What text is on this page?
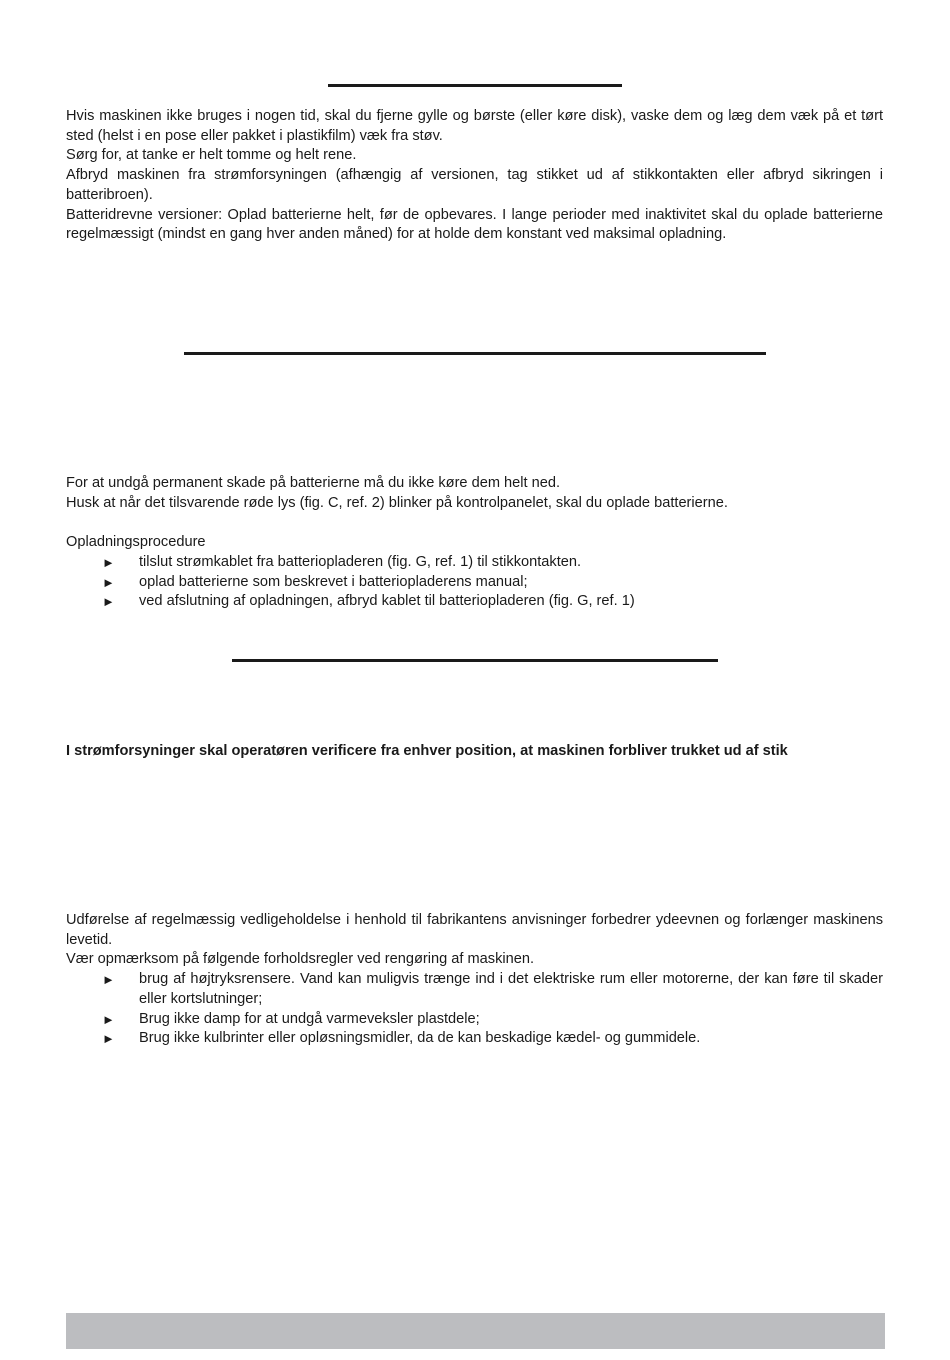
Hvis maskinen ikke bruges i nogen tid, skal du fjerne gylle og børste (eller køre disk), vaske dem og læg dem væk på et tørt sted (helst i en pose eller pakket i plastikfilm) væk fra støv.

Sørg for, at tanke er helt tomme og helt rene.

Afbryd maskinen fra strømforsyningen (afhængig af versionen, tag stikket ud af stikkontakten eller afbryd sikringen i batteribroen).

Batteridrevne versioner: Oplad batterierne helt, før de opbevares. I lange perioder med inaktivitet skal du oplade batterierne regelmæssigt (mindst en gang hver anden måned) for at holde dem konstant ved maksimal opladning.

For at undgå permanent skade på batterierne må du ikke køre dem helt ned.

Husk at når det tilsvarende røde lys (fig. C, ref. 2) blinker på kontrolpanelet, skal du oplade batterierne.

Opladningsprocedure

► tilslut strømkablet fra batteriopladeren (fig. G, ref. 1) til stikkontakten.
► oplad batterierne som beskrevet i batteriopladerens manual;
► ved afslutning af opladningen, afbryd kablet til batteriopladeren (fig. G, ref. 1)

I strømforsyninger skal operatøren verificere fra enhver position, at maskinen forbliver trukket ud af stik

Udførelse af regelmæssig vedligeholdelse i henhold til fabrikantens anvisninger forbedrer ydeevnen og forlænger maskinens levetid.

Vær opmærksom på følgende forholdsregler ved rengøring af maskinen.

► brug af højtryksrensere. Vand kan muligvis trænge ind i det elektriske rum eller motorerne, der kan føre til skader eller kortslutninger;
► Brug ikke damp for at undgå varmeveksler plastdele;
► Brug ikke kulbrinter eller opløsningsmidler, da de kan beskadige kædel- og gummidele.
